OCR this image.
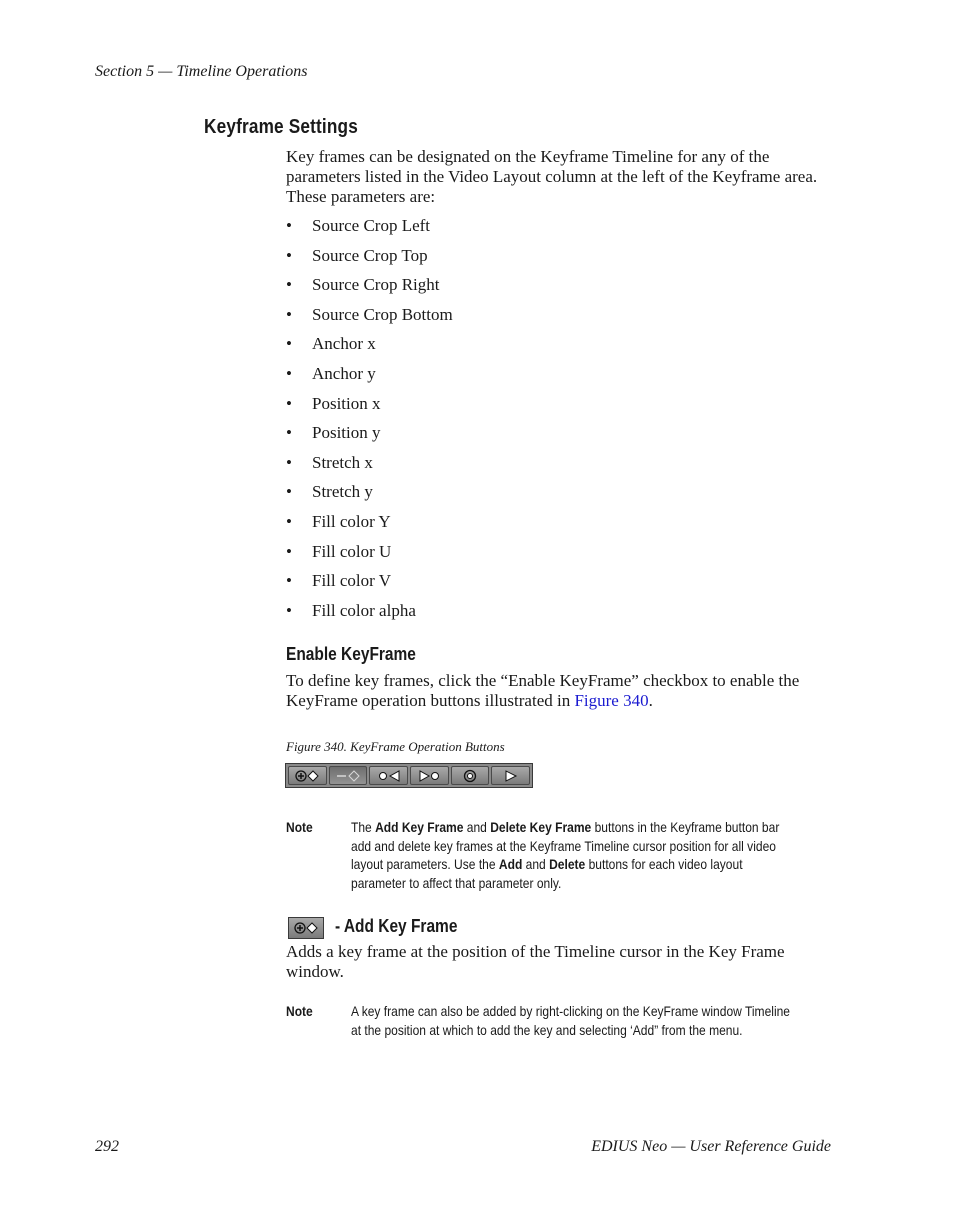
Section 5 — Timeline Operations
Keyframe Settings
Key frames can be designated on the Keyframe Timeline for any of the parameters listed in the Video Layout column at the left of the Keyframe area. These parameters are:
• Source Crop Left
• Source Crop Top
• Source Crop Right
• Source Crop Bottom
• Anchor x
• Anchor y
• Position x
• Position y
• Stretch x
• Stretch y
• Fill color Y
• Fill color U
• Fill color V
• Fill color alpha
Enable KeyFrame
To define key frames, click the “Enable KeyFrame” checkbox to enable the KeyFrame operation buttons illustrated in Figure 340.
Figure 340. KeyFrame Operation Buttons
Note	The Add Key Frame and Delete Key Frame buttons in the Keyframe button bar add and delete key frames at the Keyframe Timeline cursor position for all video layout parameters. Use the Add and Delete buttons for each video layout parameter to affect that parameter only.
- Add Key Frame
Adds a key frame at the position of the Timeline cursor in the Key Frame window.
Note	A key frame can also be added by right-clicking on the KeyFrame window Timeline at the position at which to add the key and selecting ‘Add” from the menu.
292	EDIUS Neo — User Reference Guide
